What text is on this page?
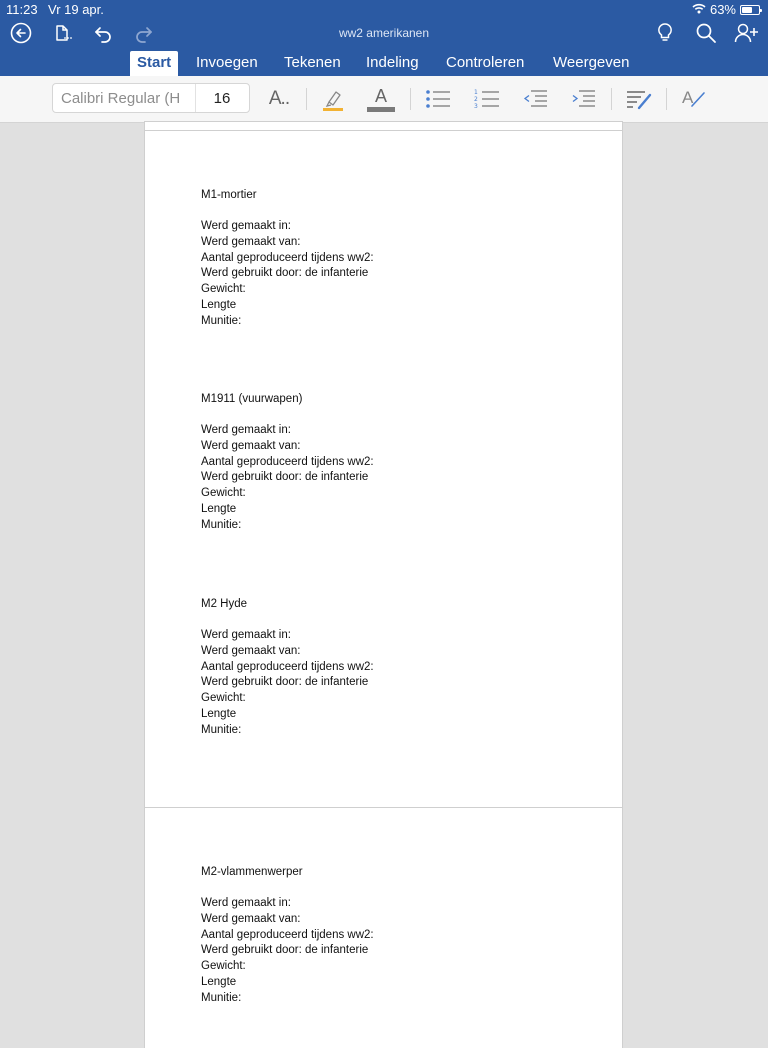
11:23 Vr 19 apr.	63%
ww2 amerikanen
Start	Invoegen Tekenen Indeling Controleren Weergeven
Calibri Regular (H	16	A..	A	1
2
3	A

M1-mortier

Werd gemaakt in:

Werd gemaakt van:

Aantal geproduceerd tijdens ww2:

Werd gebruikt door: de infanterie

Gewicht:

Lengte

Munitie:

M1911 (vuurwapen)

Werd gemaakt in:

Werd gemaakt van:

Aantal geproduceerd tijdens ww2:

Werd gebruikt door: de infanterie

Gewicht:

Lengte

Munitie:

M2 Hyde

Werd gemaakt in:

Werd gemaakt van:

Aantal geproduceerd tijdens ww2:

Werd gebruikt door: de infanterie

Gewicht:

Lengte

Munitie:

M2-vlammenwerper

Werd gemaakt in:

Werd gemaakt van:

Aantal geproduceerd tijdens ww2:

Werd gebruikt door: de infanterie

Gewicht:

Lengte

Munitie:
